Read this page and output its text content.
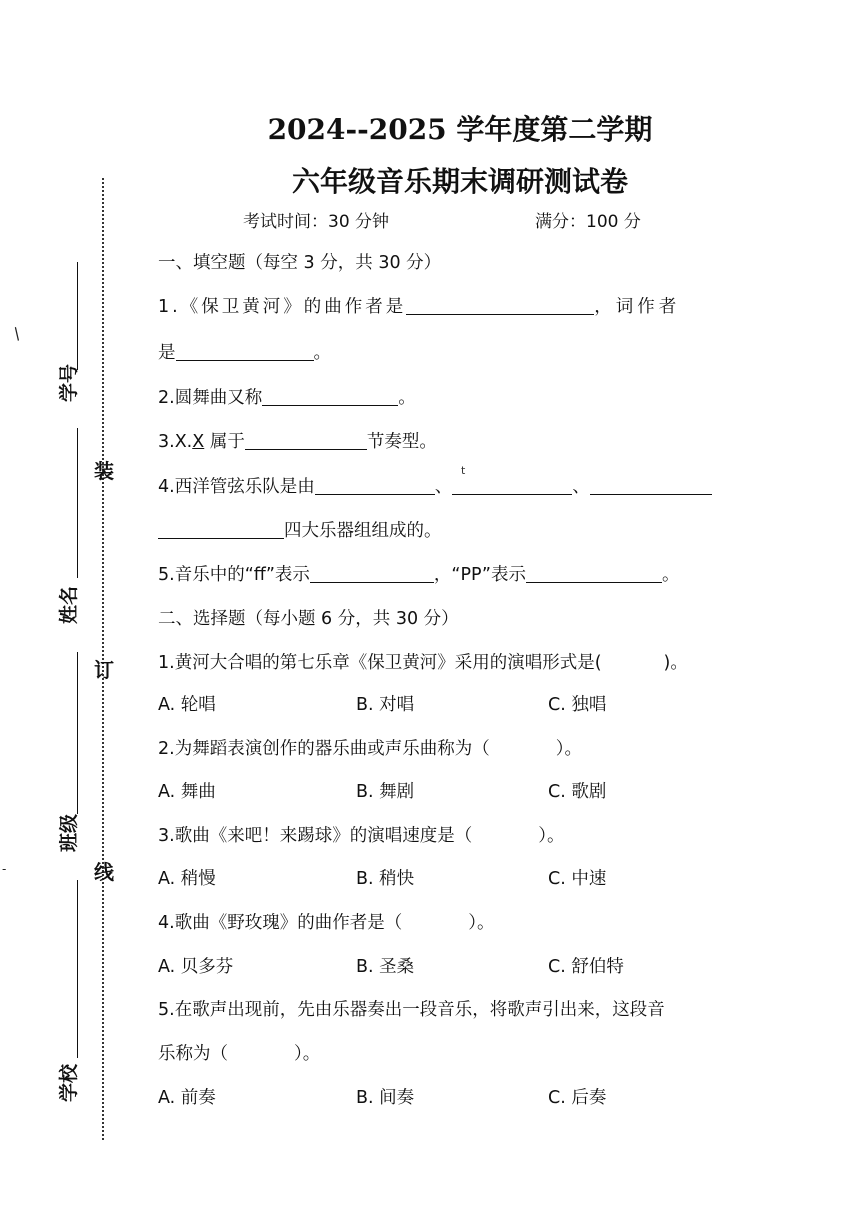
学号
姓名
班级
学校
装
订
线
/
-
2024--2025 学年度第二学期
六年级音乐期末调研测试卷
考试时间：30 分钟	满分：100 分
一、填空题（每空 3 分，共 30 分）
1.《保卫黄河》的曲作者是	，词作者
是	。
2.圆舞曲又称	。
3.X.X 属于	节奏型。
t
4.西洋管弦乐队是由	、	、
四大乐器组组成的。
5.音乐中的“ff”表示	，“PP”表示	。
二、选择题（每小题 6 分，共 30 分）
1.黄河大合唱的第七乐章《保卫黄河》采用的演唱形式是(	)。
A. 轮唱	B. 对唱	C. 独唱
2.为舞蹈表演创作的器乐曲或声乐曲称为（	）。
A. 舞曲	B. 舞剧	C. 歌剧
3.歌曲《来吧！来踢球》的演唱速度是（	）。
A. 稍慢	B. 稍快	C. 中速
4.歌曲《野玫瑰》的曲作者是（	）。
A. 贝多芬	B. 圣桑	C. 舒伯特
5.在歌声出现前，先由乐器奏出一段音乐，将歌声引出来，这段音
乐称为（	）。
A. 前奏	B. 间奏	C. 后奏
